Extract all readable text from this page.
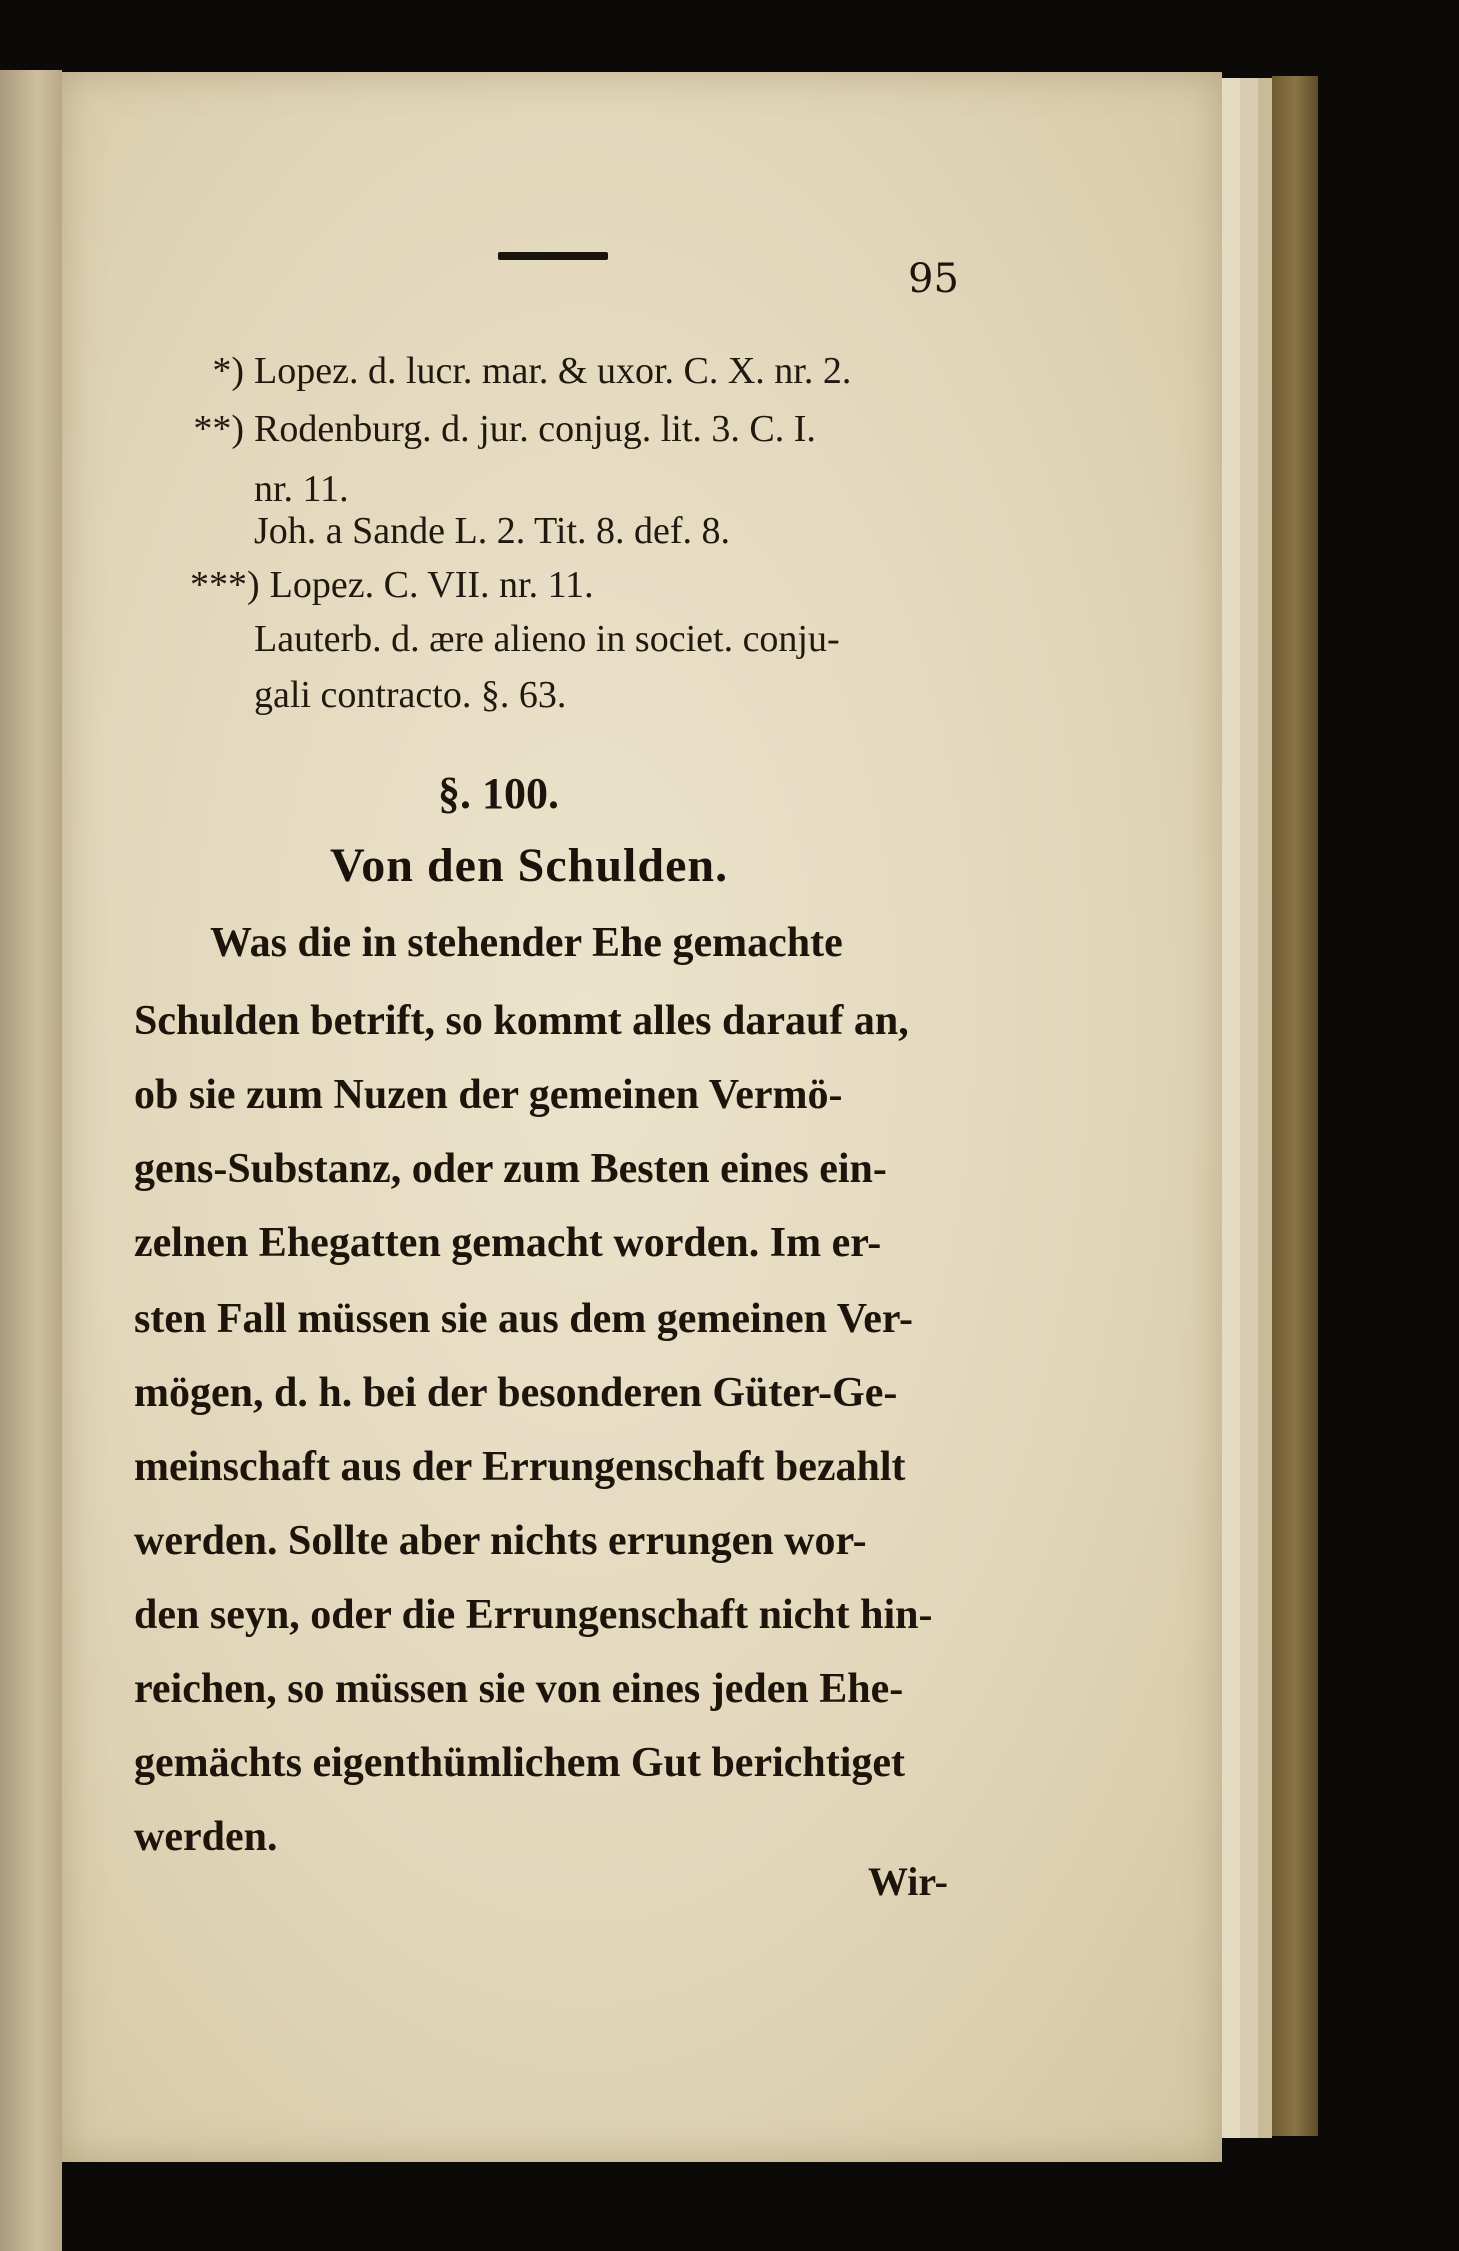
95
*) Lopez. d. lucr. mar. & uxor. C. X. nr. 2.
**) Rodenburg. d. jur. conjug. lit. 3. C. I.
nr. 11.
Joh. a Sande L. 2. Tit. 8. def. 8.
***) Lopez. C. VII. nr. 11.
Lauterb. d. ære alieno in societ. conju-
gali contracto. §. 63.
§. 100.
Von den Schulden.
Was die in stehender Ehe gemachte
Schulden betrift, so kommt alles darauf an,
ob sie zum Nuzen der gemeinen Vermö-
gens-Substanz, oder zum Besten eines ein-
zelnen Ehegatten gemacht worden. Im er-
sten Fall müssen sie aus dem gemeinen Ver-
mögen, d. h. bei der besonderen Güter-Ge-
meinschaft aus der Errungenschaft bezahlt
werden. Sollte aber nichts errungen wor-
den seyn, oder die Errungenschaft nicht hin-
reichen, so müssen sie von eines jeden Ehe-
gemächts eigenthümlichem Gut berichtiget
werden.
Wir-
